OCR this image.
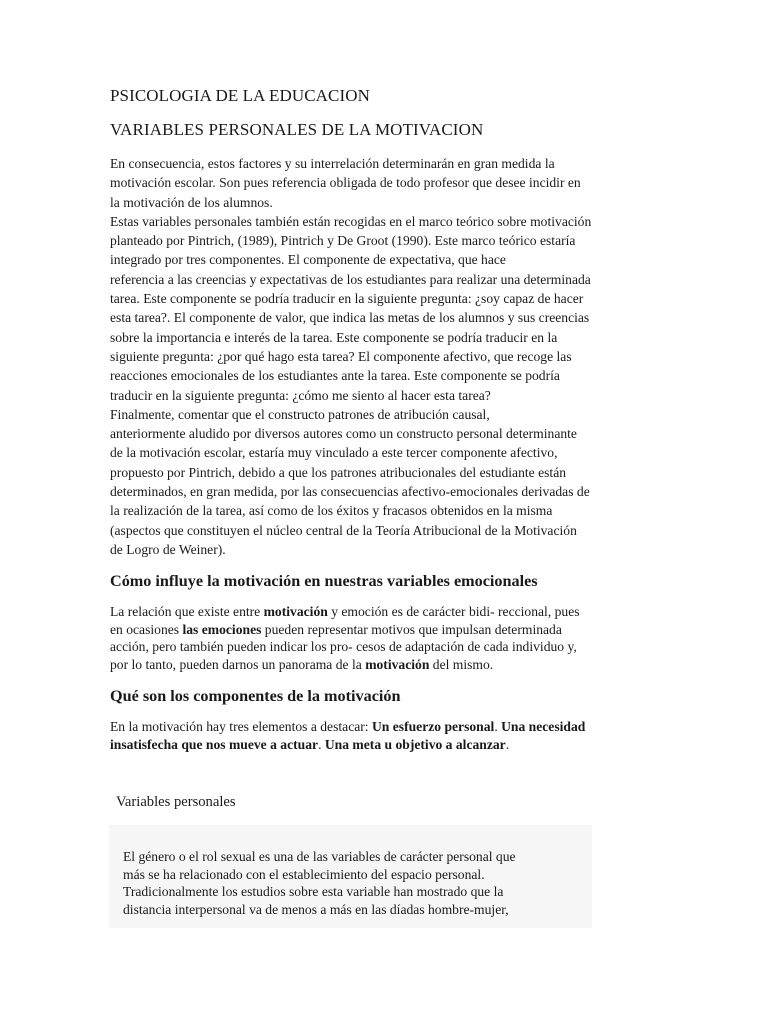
PSICOLOGIA DE LA EDUCACION
VARIABLES PERSONALES DE LA MOTIVACION

En consecuencia, estos factores y su interrelación determinarán en gran medida la

motivación escolar. Son pues referencia obligada de todo profesor que desee incidir en

la motivación de los alumnos.

Estas variables personales también están recogidas en el marco teórico sobre motivación

planteado por Pintrich, (1989), Pintrich y De Groot (1990). Este marco teórico estaría

integrado por tres componentes. El componente de expectativa, que hace

referencia a las creencias y expectativas de los estudiantes para realizar una determinada

tarea. Este componente se podría traducir en la siguiente pregunta: ¿soy capaz de hacer

esta tarea?. El componente de valor, que indica las metas de los alumnos y sus creencias

sobre la importancia e interés de la tarea. Este componente se podría traducir en la

siguiente pregunta: ¿por qué hago esta tarea? El componente afectivo, que recoge las

reacciones emocionales de los estudiantes ante la tarea. Este componente se podría

traducir en la siguiente pregunta: ¿cómo me siento al hacer esta tarea?

Finalmente, comentar que el constructo patrones de atribución causal,

anteriormente aludido por diversos autores como un constructo personal determinante

de la motivación escolar, estaría muy vinculado a este tercer componente afectivo,

propuesto por Pintrich, debido a que los patrones atribucionales del estudiante están

determinados, en gran medida, por las consecuencias afectivo-emocionales derivadas de

la realización de la tarea, así como de los éxitos y fracasos obtenidos en la misma

(aspectos que constituyen el núcleo central de la Teoría Atribucional de la Motivación

de Logro de Weiner).

Cómo influye la motivación en nuestras variables emocionales

La relación que existe entre motivación y emoción es de carácter bidi- reccional, pues

en ocasiones las emociones pueden representar motivos que impulsan determinada

acción, pero también pueden indicar los pro- cesos de adaptación de cada individuo y,

por lo tanto, pueden darnos un panorama de la motivación del mismo.

Qué son los componentes de la motivación

En la motivación hay tres elementos a destacar: Un esfuerzo personal. Una necesidad

insatisfecha que nos mueve a actuar. Una meta u objetivo a alcanzar.

Variables personales

El género o el rol sexual es una de las variables de carácter personal que

más se ha relacionado con el establecimiento del espacio personal.

Tradicionalmente los estudios sobre esta variable han mostrado que la

distancia interpersonal va de menos a más en las díadas hombre-mujer,
